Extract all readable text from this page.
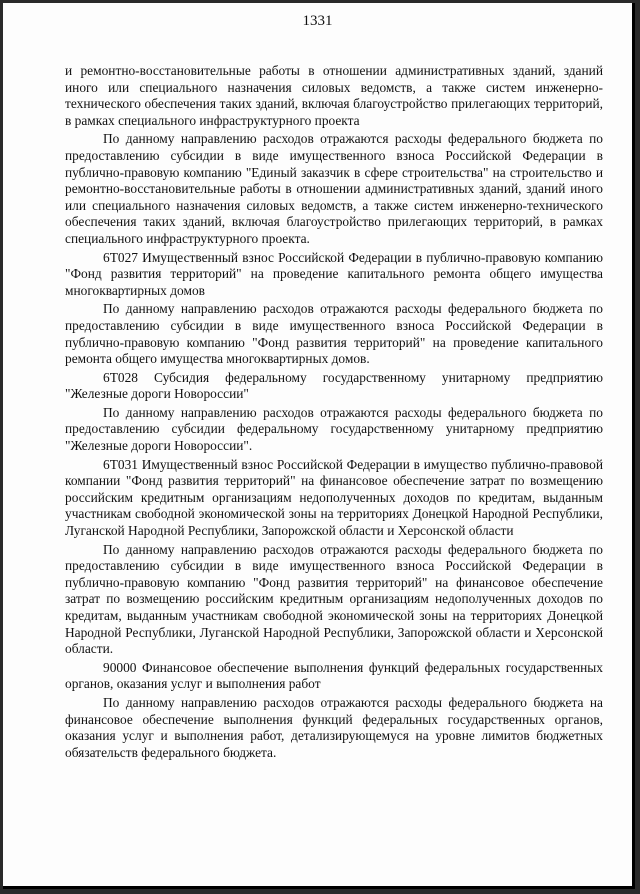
1331

и ремонтно-восстановительные работы в отношении административных зданий, зданий иного или специального назначения силовых ведомств, а также систем инженерно-технического обеспечения таких зданий, включая благоустройство прилегающих территорий, в рамках специального инфраструктурного проекта

По данному направлению расходов отражаются расходы федерального бюджета по предоставлению субсидии в виде имущественного взноса Российской Федерации в публично-правовую компанию "Единый заказчик в сфере строительства" на строительство и ремонтно-восстановительные работы в отношении административных зданий, зданий иного или специального назначения силовых ведомств, а также систем инженерно-технического обеспечения таких зданий, включая благоустройство прилегающих территорий, в рамках специального инфраструктурного проекта.

6Т027 Имущественный взнос Российской Федерации в публично-правовую компанию "Фонд развития территорий" на проведение капитального ремонта общего имущества многоквартирных домов

По данному направлению расходов отражаются расходы федерального бюджета по предоставлению субсидии в виде имущественного взноса Российской Федерации в публично-правовую компанию "Фонд развития территорий" на проведение капитального ремонта общего имущества многоквартирных домов.

6Т028 Субсидия федеральному государственному унитарному предприятию "Железные дороги Новороссии"

По данному направлению расходов отражаются расходы федерального бюджета по предоставлению субсидии федеральному государственному унитарному предприятию "Железные дороги Новороссии".

6Т031 Имущественный взнос Российской Федерации в имущество публично-правовой компании "Фонд развития территорий" на финансовое обеспечение затрат по возмещению российским кредитным организациям недополученных доходов по кредитам, выданным участникам свободной экономической зоны на территориях Донецкой Народной Республики, Луганской Народной Республики, Запорожской области и Херсонской области

По данному направлению расходов отражаются расходы федерального бюджета по предоставлению субсидии в виде имущественного взноса Российской Федерации в публично-правовую компанию "Фонд развития территорий" на финансовое обеспечение затрат по возмещению российским кредитным организациям недополученных доходов по кредитам, выданным участникам свободной экономической зоны на территориях Донецкой Народной Республики, Луганской Народной Республики, Запорожской области и Херсонской области.

90000 Финансовое обеспечение выполнения функций федеральных государственных органов, оказания услуг и выполнения работ

По данному направлению расходов отражаются расходы федерального бюджета на финансовое обеспечение выполнения функций федеральных государственных органов, оказания услуг и выполнения работ, детализирующемуся на уровне лимитов бюджетных обязательств федерального бюджета.
